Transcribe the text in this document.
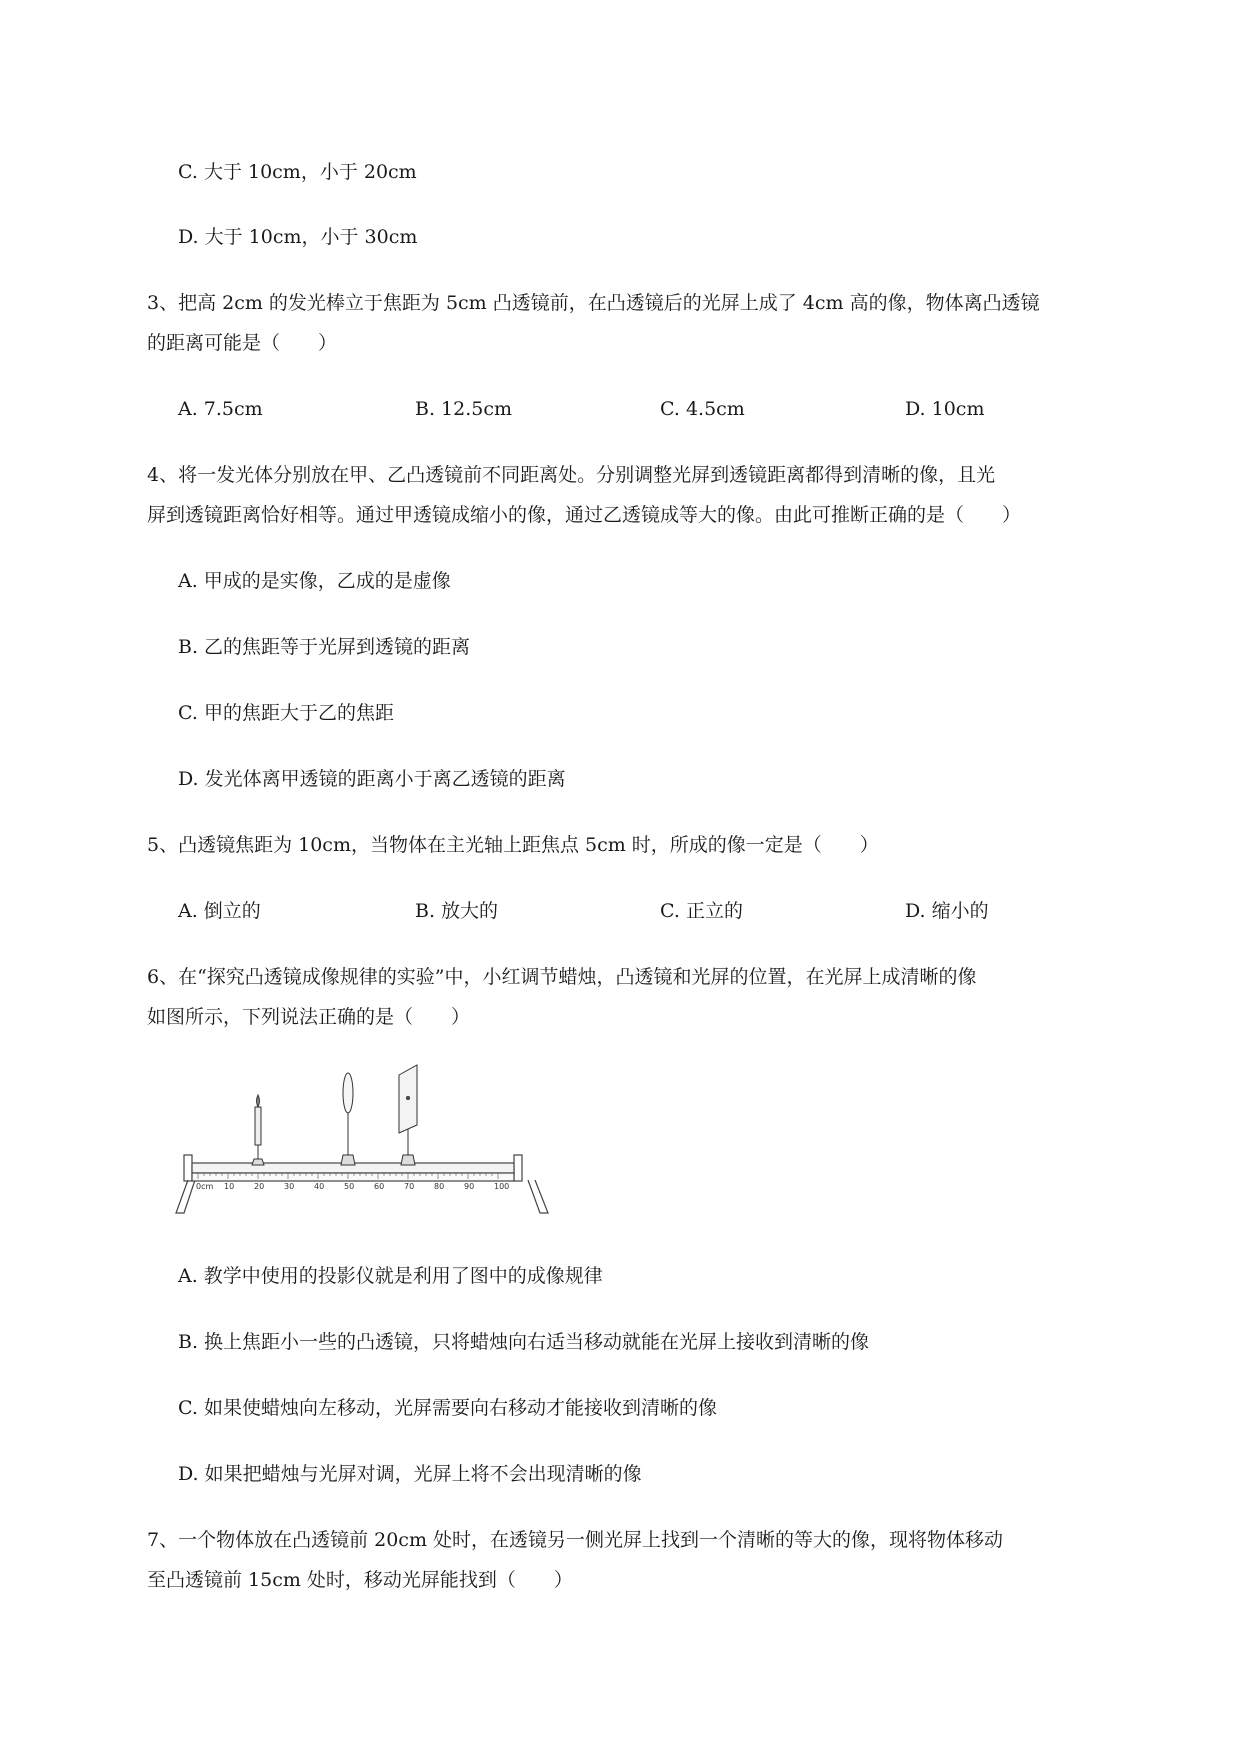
C. 大于 10cm，小于 20cm
D. 大于 10cm，小于 30cm
3、把高 2cm 的发光棒立于焦距为 5cm 凸透镜前，在凸透镜后的光屏上成了 4cm 高的像，物体离凸透镜
的距离可能是（　　）
A. 7.5cm	B. 12.5cm	C. 4.5cm	D. 10cm
4、将一发光体分别放在甲、乙凸透镜前不同距离处。分别调整光屏到透镜距离都得到清晰的像，且光
屏到透镜距离恰好相等。通过甲透镜成缩小的像，通过乙透镜成等大的像。由此可推断正确的是（　　）
A. 甲成的是实像，乙成的是虚像
B. 乙的焦距等于光屏到透镜的距离
C. 甲的焦距大于乙的焦距
D. 发光体离甲透镜的距离小于离乙透镜的距离
5、凸透镜焦距为 10cm，当物体在主光轴上距焦点 5cm 时，所成的像一定是（　　）
A. 倒立的	B. 放大的	C. 正立的	D. 缩小的
6、在“探究凸透镜成像规律的实验”中，小红调节蜡烛，凸透镜和光屏的位置，在光屏上成清晰的像
如图所示，下列说法正确的是（　　）
0cm 10 20 30 40 50 60 70 80 90 100
A. 教学中使用的投影仪就是利用了图中的成像规律
B. 换上焦距小一些的凸透镜，只将蜡烛向右适当移动就能在光屏上接收到清晰的像
C. 如果使蜡烛向左移动，光屏需要向右移动才能接收到清晰的像
D. 如果把蜡烛与光屏对调，光屏上将不会出现清晰的像
7、一个物体放在凸透镜前 20cm 处时，在透镜另一侧光屏上找到一个清晰的等大的像，现将物体移动
至凸透镜前 15cm 处时，移动光屏能找到（　　）
